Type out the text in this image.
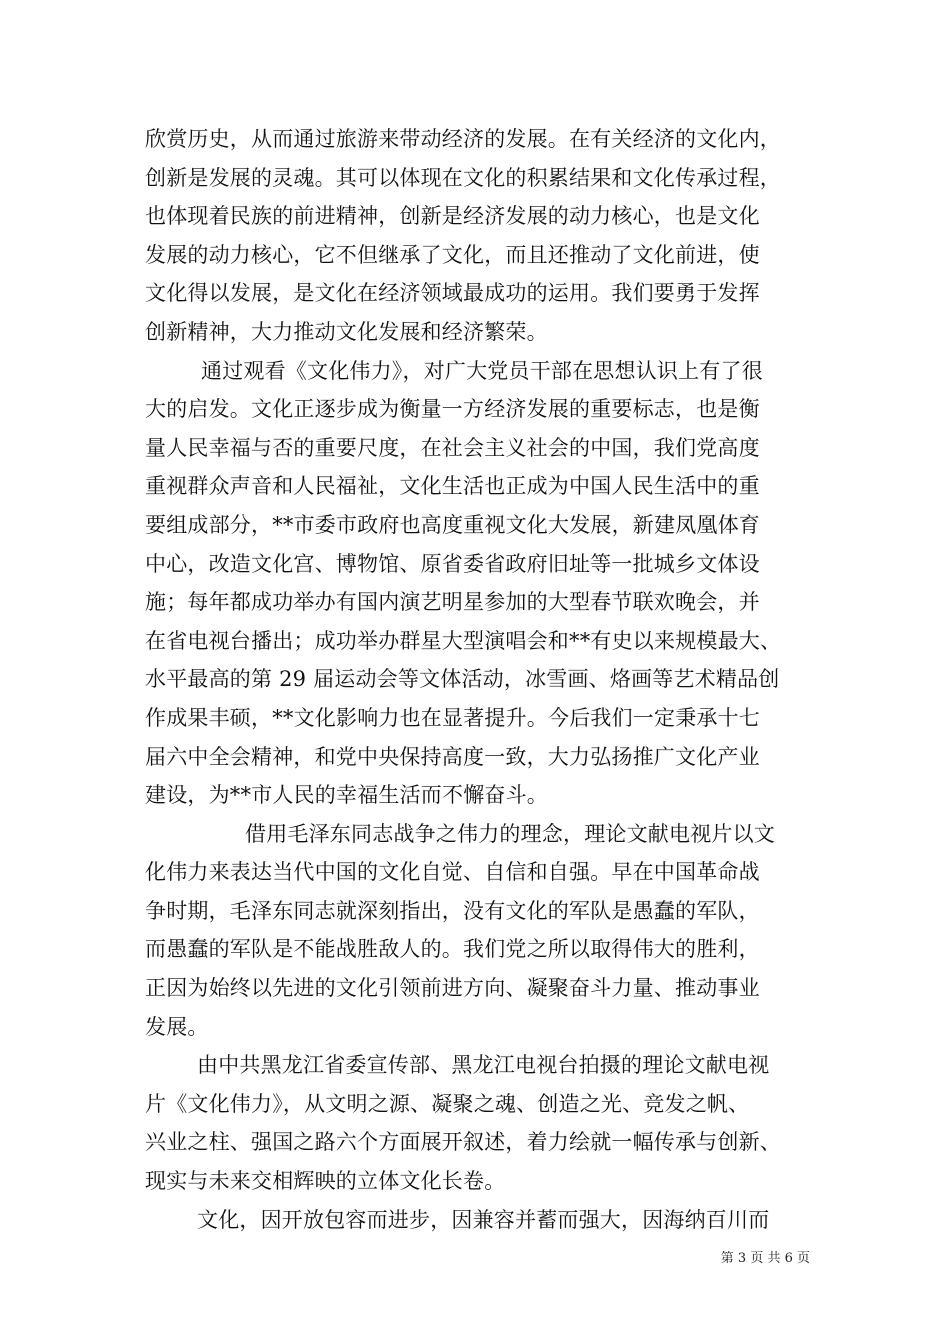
欣赏历史，从而通过旅游来带动经济的发展。在有关经济的文化内，
创新是发展的灵魂。其可以体现在文化的积累结果和文化传承过程，
也体现着民族的前进精神，创新是经济发展的动力核心，也是文化
发展的动力核心，它不但继承了文化，而且还推动了文化前进，使
文化得以发展，是文化在经济领域最成功的运用。我们要勇于发挥
创新精神，大力推动文化发展和经济繁荣。
通过观看《文化伟力》，对广大党员干部在思想认识上有了很
大的启发。文化正逐步成为衡量一方经济发展的重要标志，也是衡
量人民幸福与否的重要尺度，在社会主义社会的中国，我们党高度
重视群众声音和人民福祉，文化生活也正成为中国人民生活中的重
要组成部分，**市委市政府也高度重视文化大发展，新建凤凰体育
中心，改造文化宫、博物馆、原省委省政府旧址等一批城乡文体设
施；每年都成功举办有国内演艺明星参加的大型春节联欢晚会，并
在省电视台播出；成功举办群星大型演唱会和**有史以来规模最大、
水平最高的第 29 届运动会等文体活动，冰雪画、烙画等艺术精品创
作成果丰硕，**文化影响力也在显著提升。今后我们一定秉承十七
届六中全会精神，和党中央保持高度一致，大力弘扬推广文化产业
建设，为**市人民的幸福生活而不懈奋斗。
借用毛泽东同志战争之伟力的理念，理论文献电视片以文
化伟力来表达当代中国的文化自觉、自信和自强。早在中国革命战
争时期，毛泽东同志就深刻指出，没有文化的军队是愚蠢的军队，
而愚蠢的军队是不能战胜敌人的。我们党之所以取得伟大的胜利，
正因为始终以先进的文化引领前进方向、凝聚奋斗力量、推动事业
发展。
由中共黑龙江省委宣传部、黑龙江电视台拍摄的理论文献电视
片《文化伟力》，从文明之源、凝聚之魂、创造之光、竞发之帆、
兴业之柱、强国之路六个方面展开叙述，着力绘就一幅传承与创新、
现实与未来交相辉映的立体文化长卷。
文化，因开放包容而进步，因兼容并蓄而强大，因海纳百川而
第 3 页 共 6 页
